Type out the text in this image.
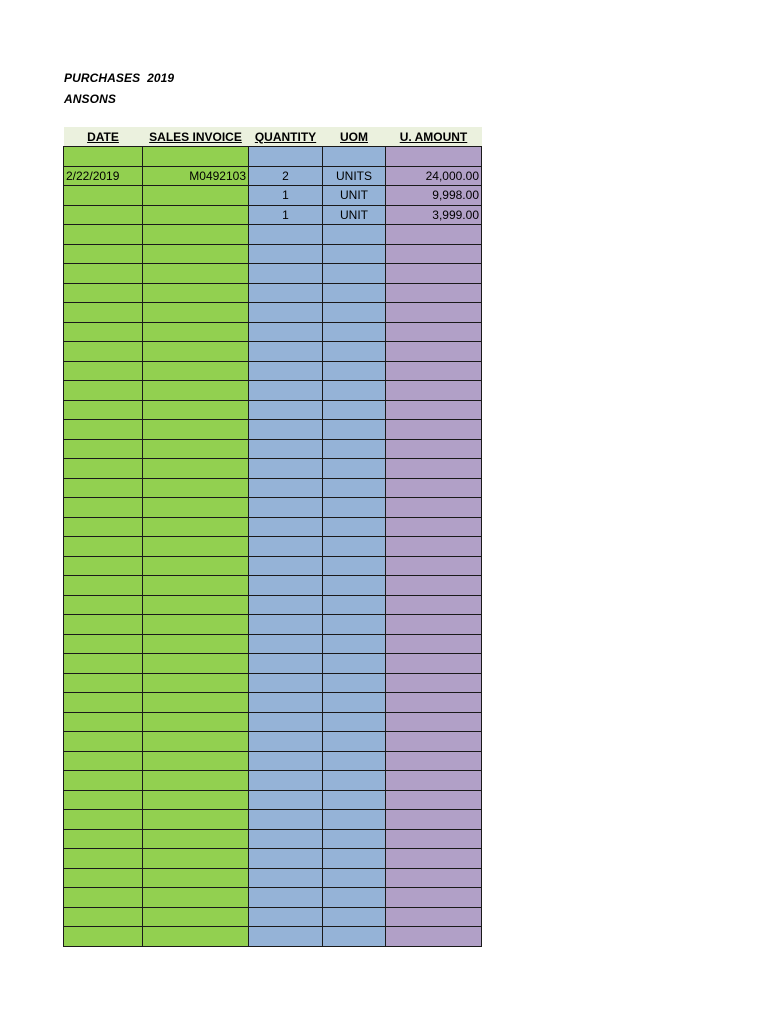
PURCHASES  2019
ANSONS
DATE	SALES INVOICE	QUANTITY	UOM	U. AMOUNT

2/22/2019	M0492103	2	UNITS	24,000.00
		1	UNIT	9,998.00
		1	UNIT	3,999.00
